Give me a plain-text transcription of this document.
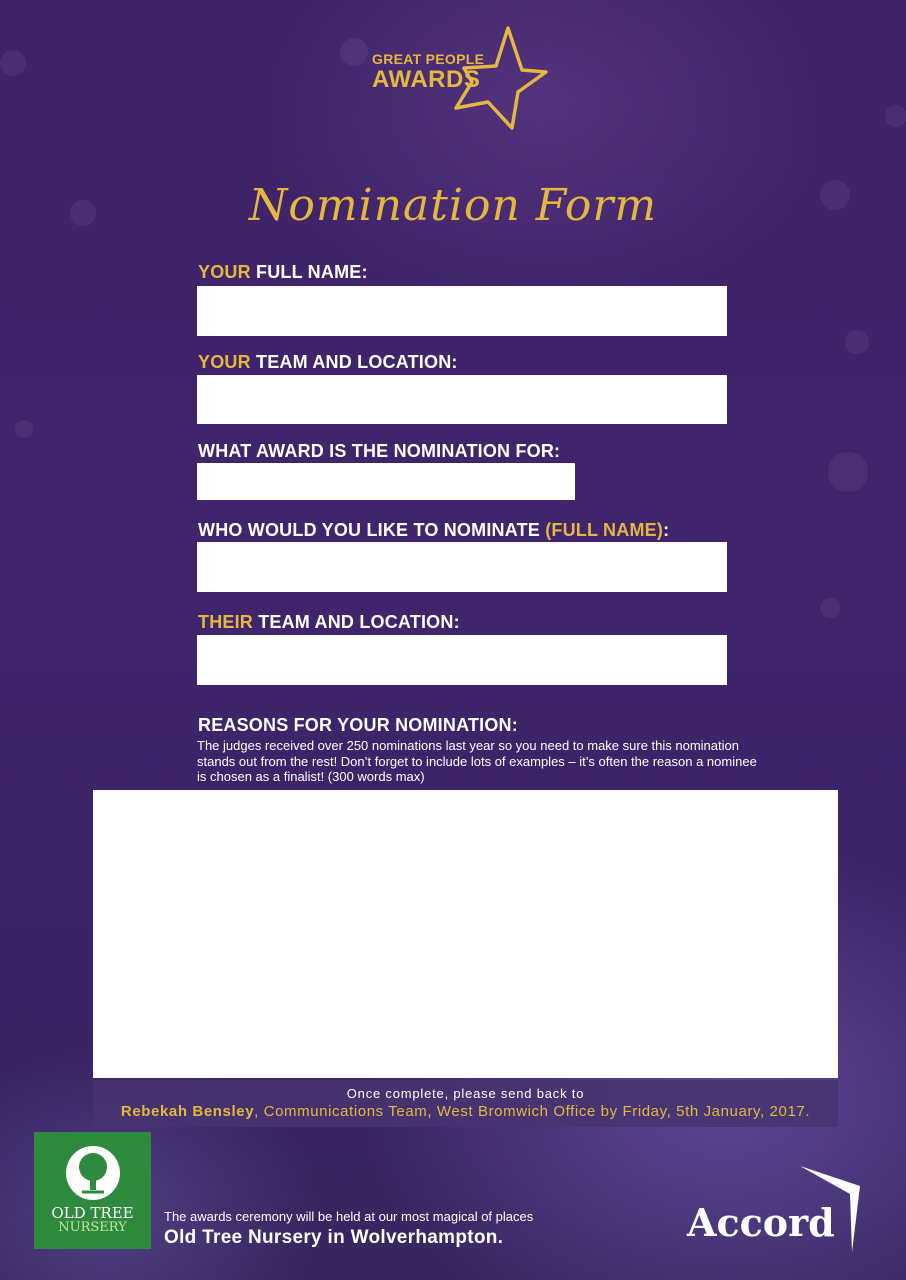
GREAT PEOPLE
AWARDS
Nomination Form
YOUR FULL NAME:
YOUR TEAM AND LOCATION:
WHAT AWARD IS THE NOMINATION FOR:
WHO WOULD YOU LIKE TO NOMINATE (FULL NAME):
THEIR TEAM AND LOCATION:
REASONS FOR YOUR NOMINATION:
The judges received over 250 nominations last year so you need to make sure this nomination stands out from the rest! Don’t forget to include lots of examples – it’s often the reason a nominee is chosen as a finalist! (300 words max)
Once complete, please send back to
Rebekah Bensley, Communications Team, West Bromwich Office by Friday, 5th January, 2017.
OLD TREE
NURSERY
The awards ceremony will be held at our most magical of places
Old Tree Nursery in Wolverhampton.	Accord
